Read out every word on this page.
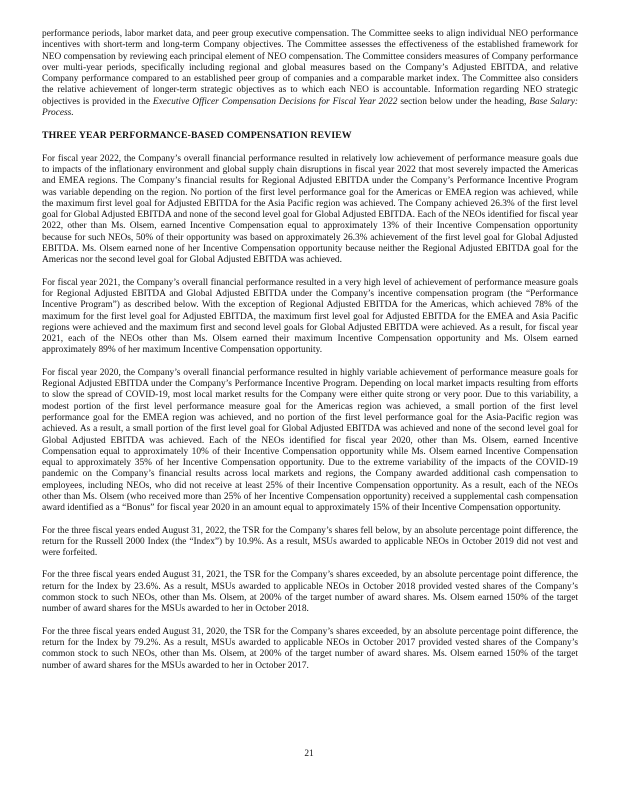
performance periods, labor market data, and peer group executive compensation. The Committee seeks to align individual NEO performance incentives with short-term and long-term Company objectives. The Committee assesses the effectiveness of the established framework for NEO compensation by reviewing each principal element of NEO compensation. The Committee considers measures of Company performance over multi-year periods, specifically including regional and global measures based on the Company’s Adjusted EBITDA, and relative Company performance compared to an established peer group of companies and a comparable market index. The Committee also considers the relative achievement of longer-term strategic objectives as to which each NEO is accountable. Information regarding NEO strategic objectives is provided in the Executive Officer Compensation Decisions for Fiscal Year 2022 section below under the heading, Base Salary: Process.

THREE YEAR PERFORMANCE-BASED COMPENSATION REVIEW

For fiscal year 2022, the Company’s overall financial performance resulted in relatively low achievement of performance measure goals due to impacts of the inflationary environment and global supply chain disruptions in fiscal year 2022 that most severely impacted the Americas and EMEA regions. The Company’s financial results for Regional Adjusted EBITDA under the Company’s Performance Incentive Program was variable depending on the region. No portion of the first level performance goal for the Americas or EMEA region was achieved, while the maximum first level goal for Adjusted EBITDA for the Asia Pacific region was achieved. The Company achieved 26.3% of the first level goal for Global Adjusted EBITDA and none of the second level goal for Global Adjusted EBITDA. Each of the NEOs identified for fiscal year 2022, other than Ms. Olsem, earned Incentive Compensation equal to approximately 13% of their Incentive Compensation opportunity because for such NEOs, 50% of their opportunity was based on approximately 26.3% achievement of the first level goal for Global Adjusted EBITDA. Ms. Olsem earned none of her Incentive Compensation opportunity because neither the Regional Adjusted EBITDA goal for the Americas nor the second level goal for Global Adjusted EBITDA was achieved.

For fiscal year 2021, the Company’s overall financial performance resulted in a very high level of achievement of performance measure goals for Regional Adjusted EBITDA and Global Adjusted EBITDA under the Company’s incentive compensation program (the “Performance Incentive Program”) as described below. With the exception of Regional Adjusted EBITDA for the Americas, which achieved 78% of the maximum for the first level goal for Adjusted EBITDA, the maximum first level goal for Adjusted EBITDA for the EMEA and Asia Pacific regions were achieved and the maximum first and second level goals for Global Adjusted EBITDA were achieved. As a result, for fiscal year 2021, each of the NEOs other than Ms. Olsem earned their maximum Incentive Compensation opportunity and Ms. Olsem earned approximately 89% of her maximum Incentive Compensation opportunity.

For fiscal year 2020, the Company’s overall financial performance resulted in highly variable achievement of performance measure goals for Regional Adjusted EBITDA under the Company’s Performance Incentive Program. Depending on local market impacts resulting from efforts to slow the spread of COVID-19, most local market results for the Company were either quite strong or very poor. Due to this variability, a modest portion of the first level performance measure goal for the Americas region was achieved, a small portion of the first level performance goal for the EMEA region was achieved, and no portion of the first level performance goal for the Asia-Pacific region was achieved. As a result, a small portion of the first level goal for Global Adjusted EBITDA was achieved and none of the second level goal for Global Adjusted EBITDA was achieved. Each of the NEOs identified for fiscal year 2020, other than Ms. Olsem, earned Incentive Compensation equal to approximately 10% of their Incentive Compensation opportunity while Ms. Olsem earned Incentive Compensation equal to approximately 35% of her Incentive Compensation opportunity. Due to the extreme variability of the impacts of the COVID-19 pandemic on the Company’s financial results across local markets and regions, the Company awarded additional cash compensation to employees, including NEOs, who did not receive at least 25% of their Incentive Compensation opportunity. As a result, each of the NEOs other than Ms. Olsem (who received more than 25% of her Incentive Compensation opportunity) received a supplemental cash compensation award identified as a “Bonus” for fiscal year 2020 in an amount equal to approximately 15% of their Incentive Compensation opportunity.

For the three fiscal years ended August 31, 2022, the TSR for the Company’s shares fell below, by an absolute percentage point difference, the return for the Russell 2000 Index (the “Index”) by 10.9%. As a result, MSUs awarded to applicable NEOs in October 2019 did not vest and were forfeited.

For the three fiscal years ended August 31, 2021, the TSR for the Company’s shares exceeded, by an absolute percentage point difference, the return for the Index by 23.6%. As a result, MSUs awarded to applicable NEOs in October 2018 provided vested shares of the Company’s common stock to such NEOs, other than Ms. Olsem, at 200% of the target number of award shares. Ms. Olsem earned 150% of the target number of award shares for the MSUs awarded to her in October 2018.

For the three fiscal years ended August 31, 2020, the TSR for the Company’s shares exceeded, by an absolute percentage point difference, the return for the Index by 79.2%. As a result, MSUs awarded to applicable NEOs in October 2017 provided vested shares of the Company’s common stock to such NEOs, other than Ms. Olsem, at 200% of the target number of award shares. Ms. Olsem earned 150% of the target number of award shares for the MSUs awarded to her in October 2017.

21
